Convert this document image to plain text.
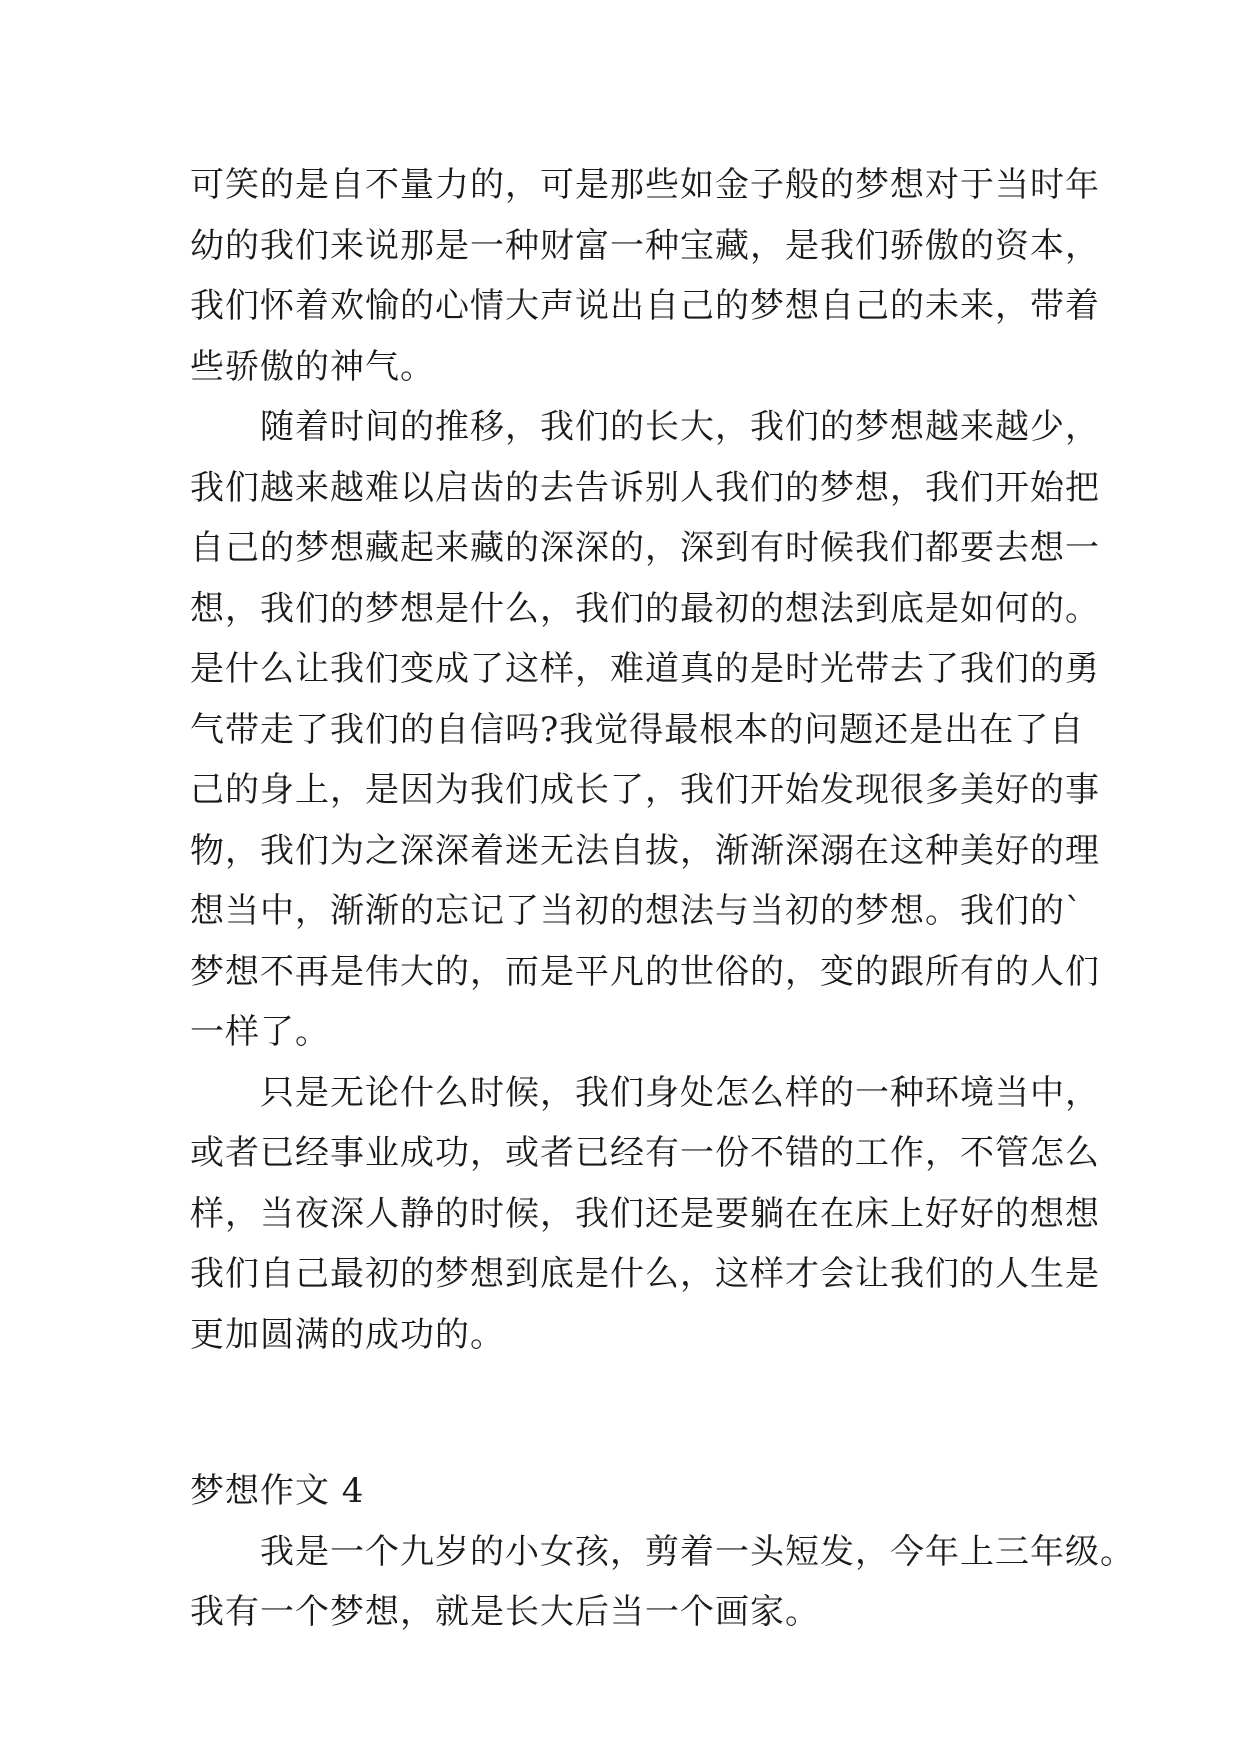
可笑的是自不量力的，可是那些如金子般的梦想对于当时年
幼的我们来说那是一种财富一种宝藏，是我们骄傲的资本，
我们怀着欢愉的心情大声说出自己的梦想自己的未来，带着
些骄傲的神气。
　　随着时间的推移，我们的长大，我们的梦想越来越少，
我们越来越难以启齿的去告诉别人我们的梦想，我们开始把
自己的梦想藏起来藏的深深的，深到有时候我们都要去想一
想，我们的梦想是什么，我们的最初的想法到底是如何的。
是什么让我们变成了这样，难道真的是时光带去了我们的勇
气带走了我们的自信吗?我觉得最根本的问题还是出在了自
己的身上，是因为我们成长了，我们开始发现很多美好的事
物，我们为之深深着迷无法自拔，渐渐深溺在这种美好的理
想当中，渐渐的忘记了当初的想法与当初的梦想。我们的`
梦想不再是伟大的，而是平凡的世俗的，变的跟所有的人们
一样了。
　　只是无论什么时候，我们身处怎么样的一种环境当中，
或者已经事业成功，或者已经有一份不错的工作，不管怎么
样，当夜深人静的时候，我们还是要躺在在床上好好的想想
我们自己最初的梦想到底是什么，这样才会让我们的人生是
更加圆满的成功的。
梦想作文 4
　　我是一个九岁的小女孩，剪着一头短发，今年上三年级。
我有一个梦想，就是长大后当一个画家。
